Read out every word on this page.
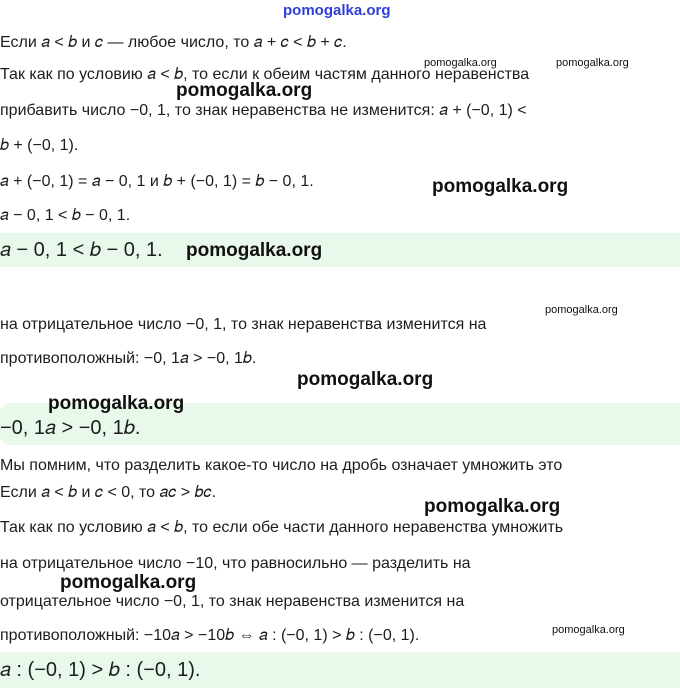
pomogalka.org
Если 𝑎 < 𝑏 и 𝑐 — любое число, то 𝑎 + 𝑐 < 𝑏 + 𝑐.
Так как по условию 𝑎 < 𝑏, то если к обеим частям данного неравенства
прибавить число −0, 1, то знак неравенства не изменится: 𝑎 + (−0, 1) <
𝑏 + (−0, 1).
𝑎 + (−0, 1) = 𝑎 − 0, 1 и 𝑏 + (−0, 1) = 𝑏 − 0, 1.
𝑎 − 0, 1 < 𝑏 − 0, 1.
𝑎 − 0, 1 < 𝑏 − 0, 1.
на отрицательное число −0, 1, то знак неравенства изменится на
противоположный: −0, 1𝑎 > −0, 1𝑏.
−0, 1𝑎 > −0, 1𝑏.
Мы помним, что разделить какое-то число на дробь означает умножить это
Если 𝑎 < 𝑏 и 𝑐 < 0, то 𝑎𝑐 > 𝑏𝑐.
Так как по условию 𝑎 < 𝑏, то если обе части данного неравенства умножить
на отрицательное число −10, что равносильно — разделить на
отрицательное число −0, 1, то знак неравенства изменится на
противоположный: −10𝑎 > −10𝑏 ⇔ 𝑎 : (−0, 1) > 𝑏 : (−0, 1).
𝑎 : (−0, 1) > 𝑏 : (−0, 1).
pomogalka.org	pomogalka.org
pomogalka.org
pomogalka.org
pomogalka.org
pomogalka.org
pomogalka.org
pomogalka.org
pomogalka.org
pomogalka.org
pomogalka.org
